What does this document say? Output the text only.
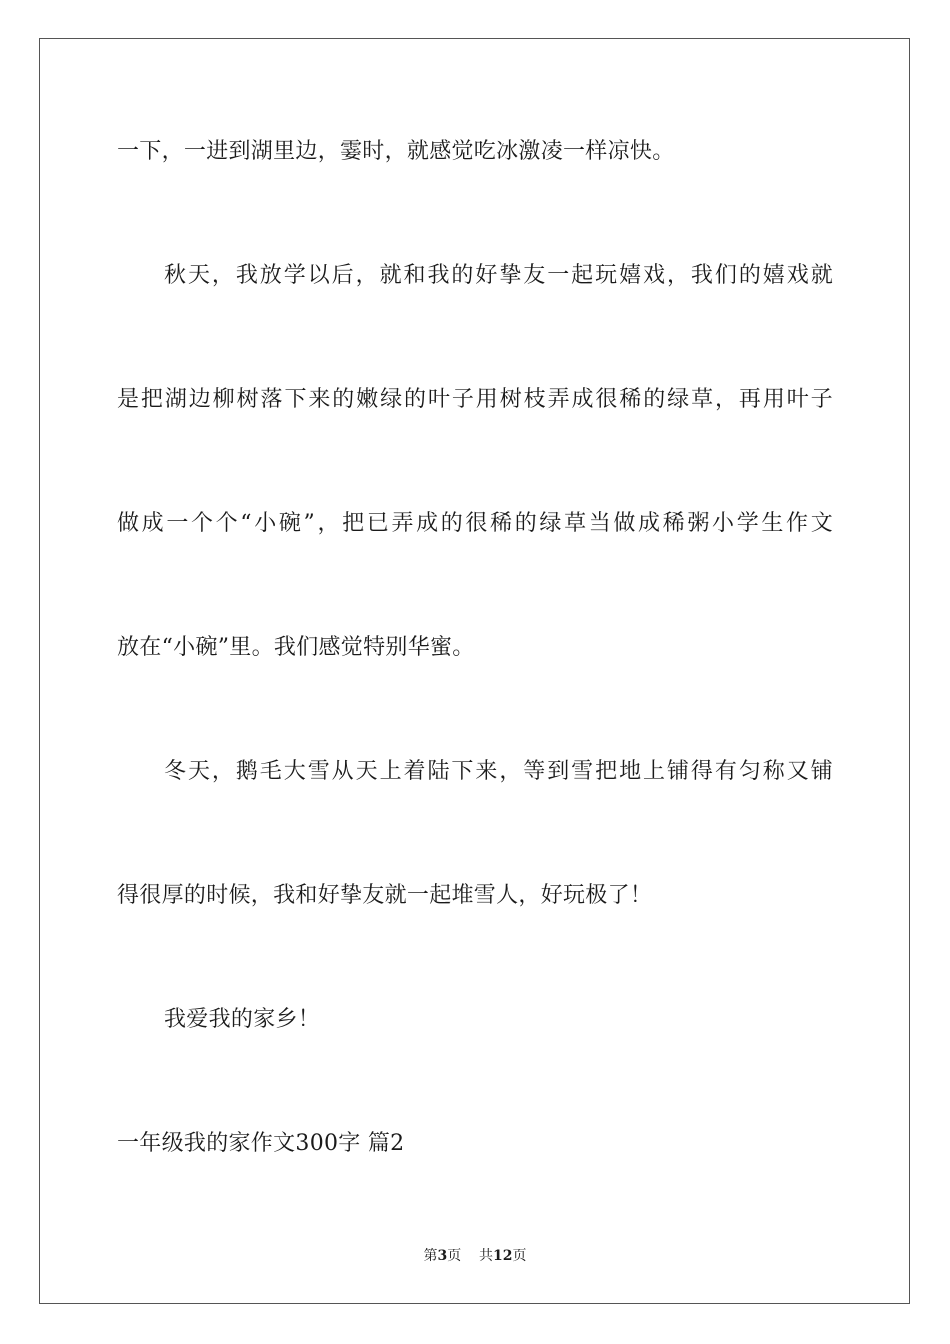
一下，一进到湖里边，霎时，就感觉吃冰激凌一样凉快。
秋天，我放学以后，就和我的好挚友一起玩嬉戏，我们的嬉戏就
是把湖边柳树落下来的嫩绿的叶子用树枝弄成很稀的绿草，再用叶子
做成一个个“小碗”，把已弄成的很稀的绿草当做成稀粥小学生作文
放在“小碗”里。我们感觉特别华蜜。
冬天，鹅毛大雪从天上着陆下来，等到雪把地上铺得有匀称又铺
得很厚的时候，我和好挚友就一起堆雪人，好玩极了！
我爱我的家乡！
一年级我的家作文300字 篇2
第3页 共12页
